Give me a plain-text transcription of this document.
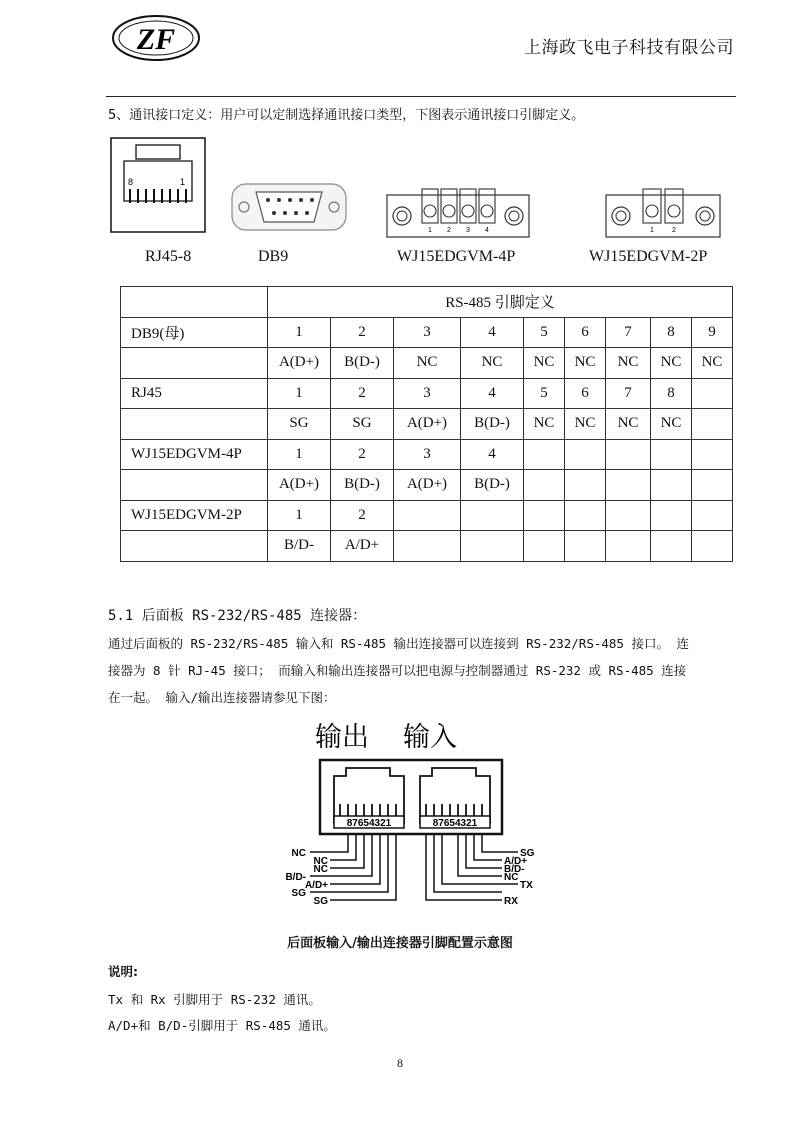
ZF	上海政飞电子科技有限公司
5、通讯接口定义：用户可以定制选择通讯接口类型，下图表示通讯接口引脚定义。
8	1
1 2 3 4	1	2
RJ45-8	DB9	WJ15EDGVM-4P	WJ15EDGVM-2P
	RS-485 引脚定义								
DB9(母)	1	2	3	4	5	6	7	8	9
	A(D+)	B(D-)	NC	NC	NC	NC	NC	NC	NC
RJ45	1	2	3	4	5	6	7	8	
	SG	SG	A(D+)	B(D-)	NC	NC	NC	NC	
WJ15EDGVM-4P	1	2	3	4					
	A(D+)	B(D-)	A(D+)	B(D-)					
WJ15EDGVM-2P	1	2							
	B/D-	A/D+							
5.1 后面板 RS-232/RS-485 连接器：
通过后面板的 RS-232/RS-485 输入和 RS-485 输出连接器可以连接到 RS-232/RS-485 接口。 连
接器为 8 针 RJ-45 接口； 而输入和输出连接器可以把电源与控制器通过 RS-232 或 RS-485 连接
在一起。 输入/输出连接器请参见下图：
输出 输入
87654321	87654321
NC
NC
NC
B/D-
A/D+
SG
SG
SG
A/D+
B/D-
NC
TX
RX
后面板输入/输出连接器引脚配置示意图
说明:
Tx 和 Rx 引脚用于 RS-232 通讯。
A/D+和 B/D-引脚用于 RS-485 通讯。
8
